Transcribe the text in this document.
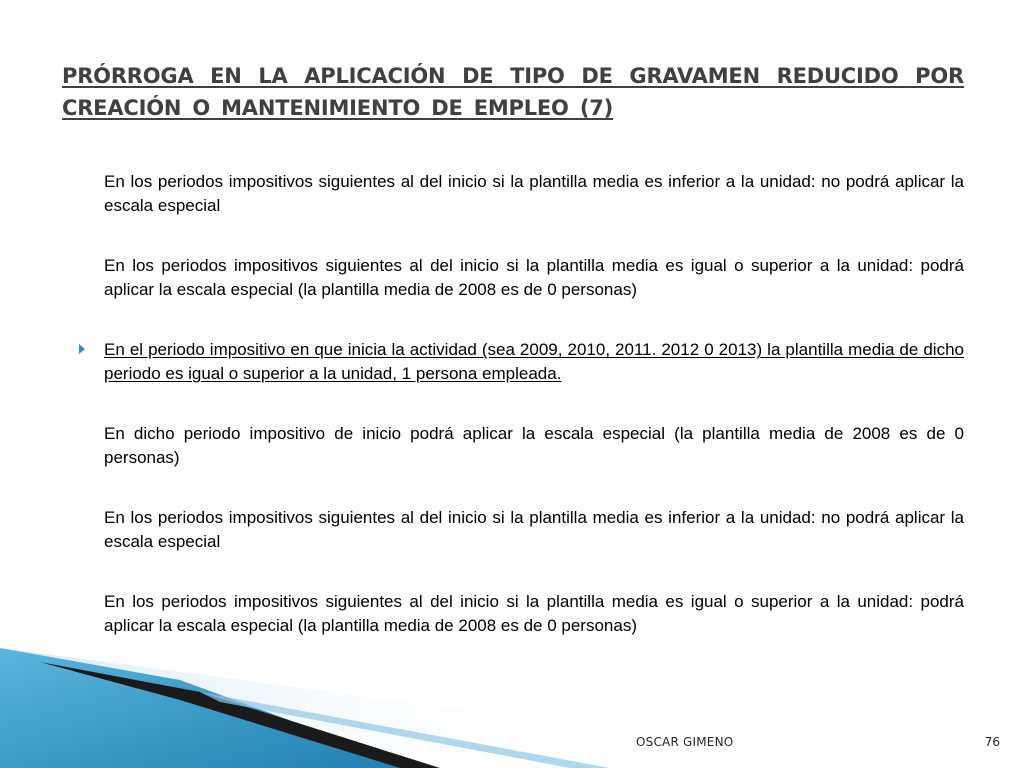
PRÓRROGA EN LA APLICACIÓN DE TIPO DE GRAVAMEN REDUCIDO POR CREACIÓN O MANTENIMIENTO DE EMPLEO (7)

En los periodos impositivos siguientes al del inicio si la plantilla media es inferior a la unidad: no podrá aplicar la escala especial

En los periodos impositivos siguientes al del inicio si la plantilla media es igual o superior a la unidad: podrá aplicar la escala especial (la plantilla media de 2008 es de 0 personas)

En el periodo impositivo en que inicia la actividad (sea 2009, 2010, 2011. 2012 0 2013) la plantilla media de dicho periodo es igual o superior a la unidad, 1 persona empleada.

En dicho periodo impositivo de inicio podrá aplicar la escala especial (la plantilla media de 2008 es de 0 personas)

En los periodos impositivos siguientes al del inicio si la plantilla media es inferior a la unidad: no podrá aplicar la escala especial

En los periodos impositivos siguientes al del inicio si la plantilla media es igual o superior a la unidad: podrá aplicar la escala especial (la plantilla media de 2008 es de 0 personas)

OSCAR GIMENO	76
